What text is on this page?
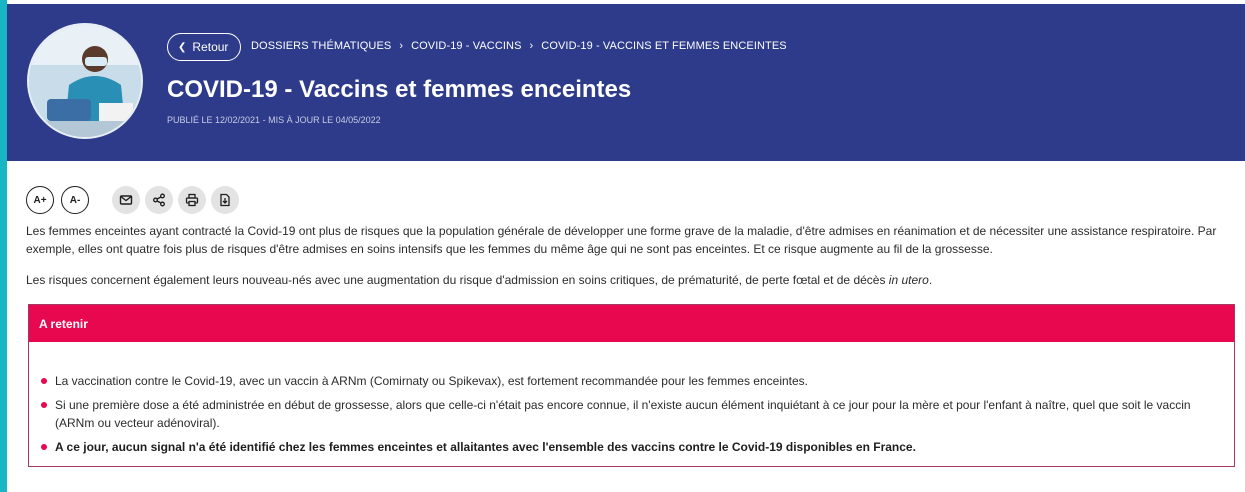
❮ Retour DOSSIERS THÉMATIQUES › COVID-19 - VACCINS › COVID-19 - VACCINS ET FEMMES ENCEINTES
COVID-19 - Vaccins et femmes enceintes
PUBLIÉ LE 12/02/2021 - MIS À JOUR LE 04/05/2022
A+ A-
Les femmes enceintes ayant contracté la Covid-19 ont plus de risques que la population générale de développer une forme grave de la maladie, d'être admises en réanimation et de nécessiter une assistance respiratoire. Par exemple, elles ont quatre fois plus de risques d'être admises en soins intensifs que les femmes du même âge qui ne sont pas enceintes. Et ce risque augmente au fil de la grossesse.
Les risques concernent également leurs nouveau-nés avec une augmentation du risque d'admission en soins critiques, de prématurité, de perte fœtal et de décès in utero.
A retenir
La vaccination contre le Covid-19, avec un vaccin à ARNm (Comirnaty ou Spikevax), est fortement recommandée pour les femmes enceintes.
Si une première dose a été administrée en début de grossesse, alors que celle-ci n'était pas encore connue, il n'existe aucun élément inquiétant à ce jour pour la mère et pour l'enfant à naître, quel que soit le vaccin (ARNm ou vecteur adénoviral).
A ce jour, aucun signal n'a été identifié chez les femmes enceintes et allaitantes avec l'ensemble des vaccins contre le Covid-19 disponibles en France.
